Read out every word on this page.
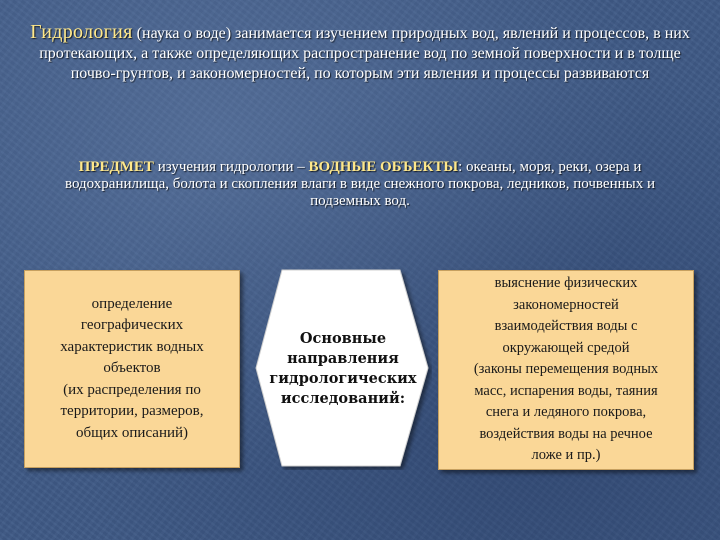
Гидрология (наука о воде) занимается изучением природных вод, явлений и процессов, в них протекающих, а также определяющих распространение вод по земной поверхности и в толще почво-грунтов, и закономерностей, по которым эти явления и процессы развиваются
ПРЕДМЕТ изучения гидрологии – ВОДНЫЕ ОБЪЕКТЫ: океаны, моря, реки, озера и водохранилища, болота и скопления влаги в виде снежного покрова, ледников, почвенных и подземных вод.
определение
географических
характеристик водных
объектов
(их распределения по
территории, размеров,
общих описаний)
Основные
направления
гидрологических
исследований:
выяснение физических
закономерностей
взаимодействия воды с
окружающей средой
(законы перемещения водных
масс, испарения воды, таяния
снега и ледяного покрова,
воздействия воды на речное
ложе и пр.)
